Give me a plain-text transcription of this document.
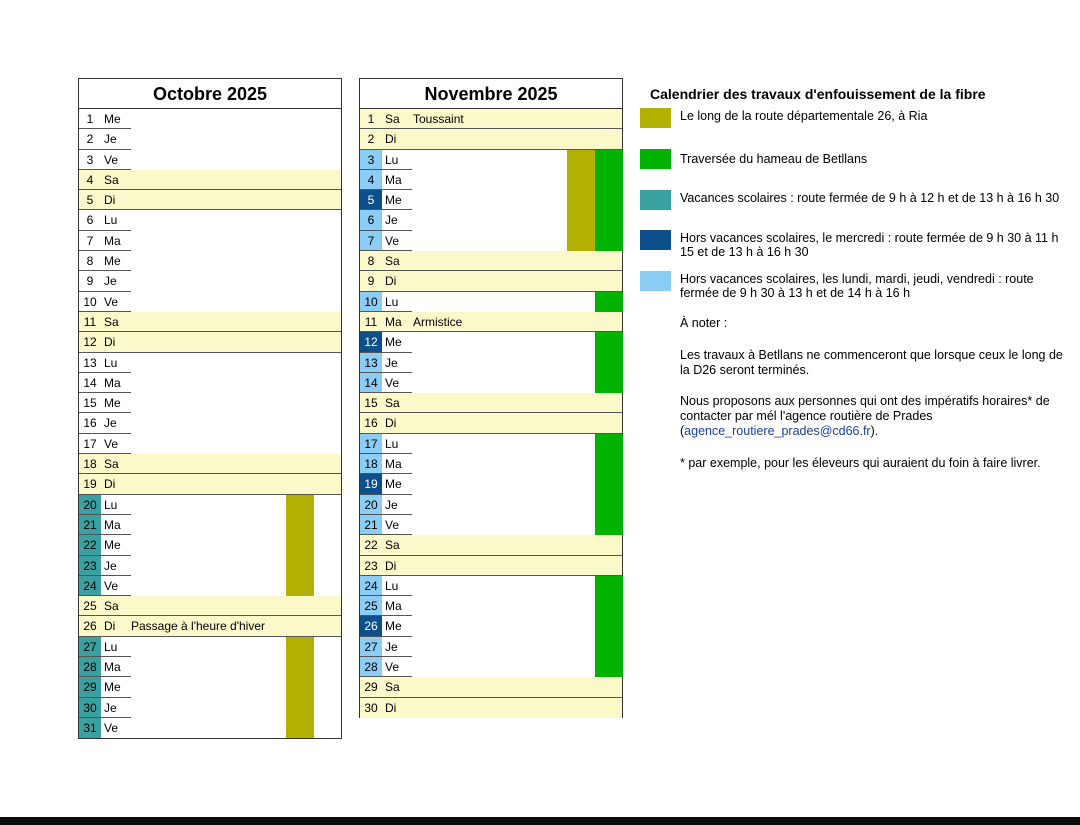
Octobre 2025
1 Me
2 Je
3 Ve
4 Sa
5 Di
6 Lu
7 Ma
8 Me
9 Je
10 Ve
11 Sa
12 Di
13 Lu
14 Ma
15 Me
16 Je
17 Ve
18 Sa
19 Di
20 Lu
21 Ma
22 Me
23 Je
24 Ve
25 Sa
26 Di Passage à l'heure d'hiver
27 Lu
28 Ma
29 Me
30 Je
31 Ve
Novembre 2025
1 Sa Toussaint
2 Di
3 Lu
4 Ma
5 Me
6 Je
7 Ve
8 Sa
9 Di
10 Lu
11 Ma Armistice
12 Me
13 Je
14 Ve
15 Sa
16 Di
17 Lu
18 Ma
19 Me
20 Je
21 Ve
22 Sa
23 Di
24 Lu
25 Ma
26 Me
27 Je
28 Ve
29 Sa
30 Di
Calendrier des travaux d'enfouissement de la fibre
Le long de la route départementale 26, à Ria
Traversée du hameau de Betllans
Vacances scolaires : route fermée de 9 h à 12 h et de 13 h à 16 h 30
Hors vacances scolaires, le mercredi : route fermée de 9 h 30 à 11 h 15 et de 13 h à 16 h 30
Hors vacances scolaires, les lundi, mardi, jeudi, vendredi : route fermée de 9 h 30 à 13 h et de 14 h à 16 h
À noter :
Les travaux à Betllans ne commenceront que lorsque ceux le long de la D26 seront terminés.
Nous proposons aux personnes qui ont des impératifs horaires* de contacter par mél l'agence routière de Prades (agence_routiere_prades@cd66.fr).
* par exemple, pour les éleveurs qui auraient du foin à faire livrer.
